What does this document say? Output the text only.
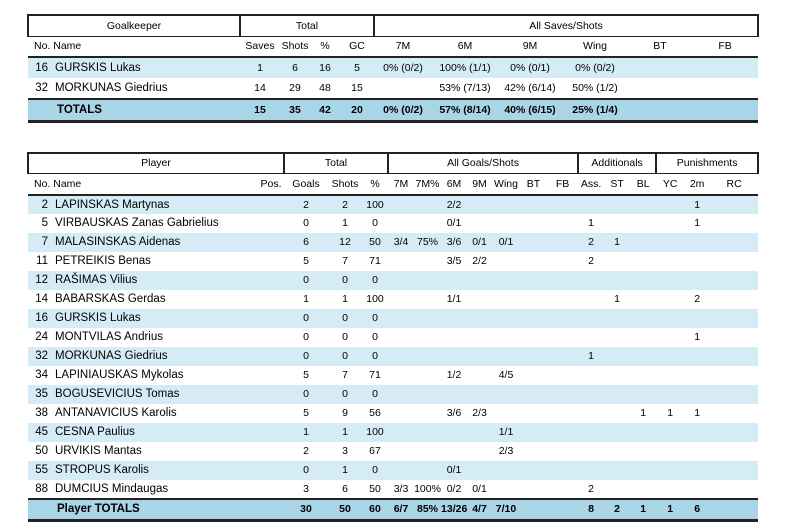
Goalkeeper	Total				All Saves/Shots					
No. Name	Saves	Shots	%	GC	7M	6M	9M	Wing	BT	FB
16 GURSKIS Lukas	1	6	16	5	0% (0/2)	100% (1/1)	0% (0/1)	0% (0/2)		
32 MORKUNAS Giedrius	14	29	48	15		53% (7/13)	42% (6/14)	50% (1/2)		
TOTALS	15	35	42	20	0% (0/2)	57% (8/14)	40% (6/15)	25% (1/4)		
Player		Total			All Goals/Shots							Additionals			Punishments		
No. Name	Pos.	Goals	Shots	%	7M	7M%	6M	9M	Wing	BT	FB	Ass.	ST	BL	YC	2m	RC
2 LAPINSKAS Martynas		2	2	100			2/2									1	
5 VIRBAUSKAS Zanas Gabrielius		0	1	0			0/1					1				1	
7 MALASINSKAS Aidenas		6	12	50	3/4	75%	3/6	0/1	0/1			2	1				
11 PETREIKIS Benas		5	7	71			3/5	2/2				2					
12 RAŠIMAS Vilius		0	0	0													
14 BABARSKAS Gerdas		1	1	100			1/1						1			2	
16 GURSKIS Lukas		0	0	0													
24 MONTVILAS Andrius		0	0	0												1	
32 MORKUNAS Giedrius		0	0	0								1					
34 LAPINIAUSKAS Mykolas		5	7	71			1/2		4/5								
35 BOGUSEVICIUS Tomas		0	0	0													
38 ANTANAVICIUS Karolis		5	9	56			3/6	2/3						1	1	1	
45 CESNA Paulius		1	1	100					1/1								
50 URVIKIS Mantas		2	3	67					2/3								
55 STROPUS Karolis		0	1	0			0/1										
88 DUMCIUS Mindaugas		3	6	50	3/3	100%	0/2	0/1				2					
Player TOTALS		30	50	60	6/7	85%	13/26	4/7	7/10			8	2	1	1	6	
